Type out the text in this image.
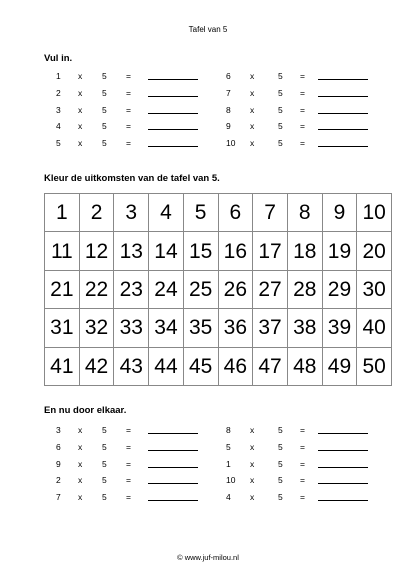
Tafel van 5
Vul in.
1 x 5 =
2 x 5 =
3 x 5 =
4 x 5 =
5 x 5 =
6 x	5 =
7 x	5 =
8 x	5 =
9 x	5 =
10 x	5 =
Kleur de uitkomsten van de tafel van 5.
1	2	3	4	5	6	7	8	9 10
11 12 13 14 15 16 17 18 19 20
21 22 23 24 25 26 27 28 29 30
31 32 33 34 35 36 37 38 39 40
41 42 43 44 45 46 47 48 49 50
En nu door elkaar.
3 x 5 =
6 x 5 =
9 x 5 =
2 x 5 =
7 x 5 =
8 x	5 =
5 x	5 =
1 x	5 =
10 x	5 =
4 x	5 =
© www.juf-milou.nl
